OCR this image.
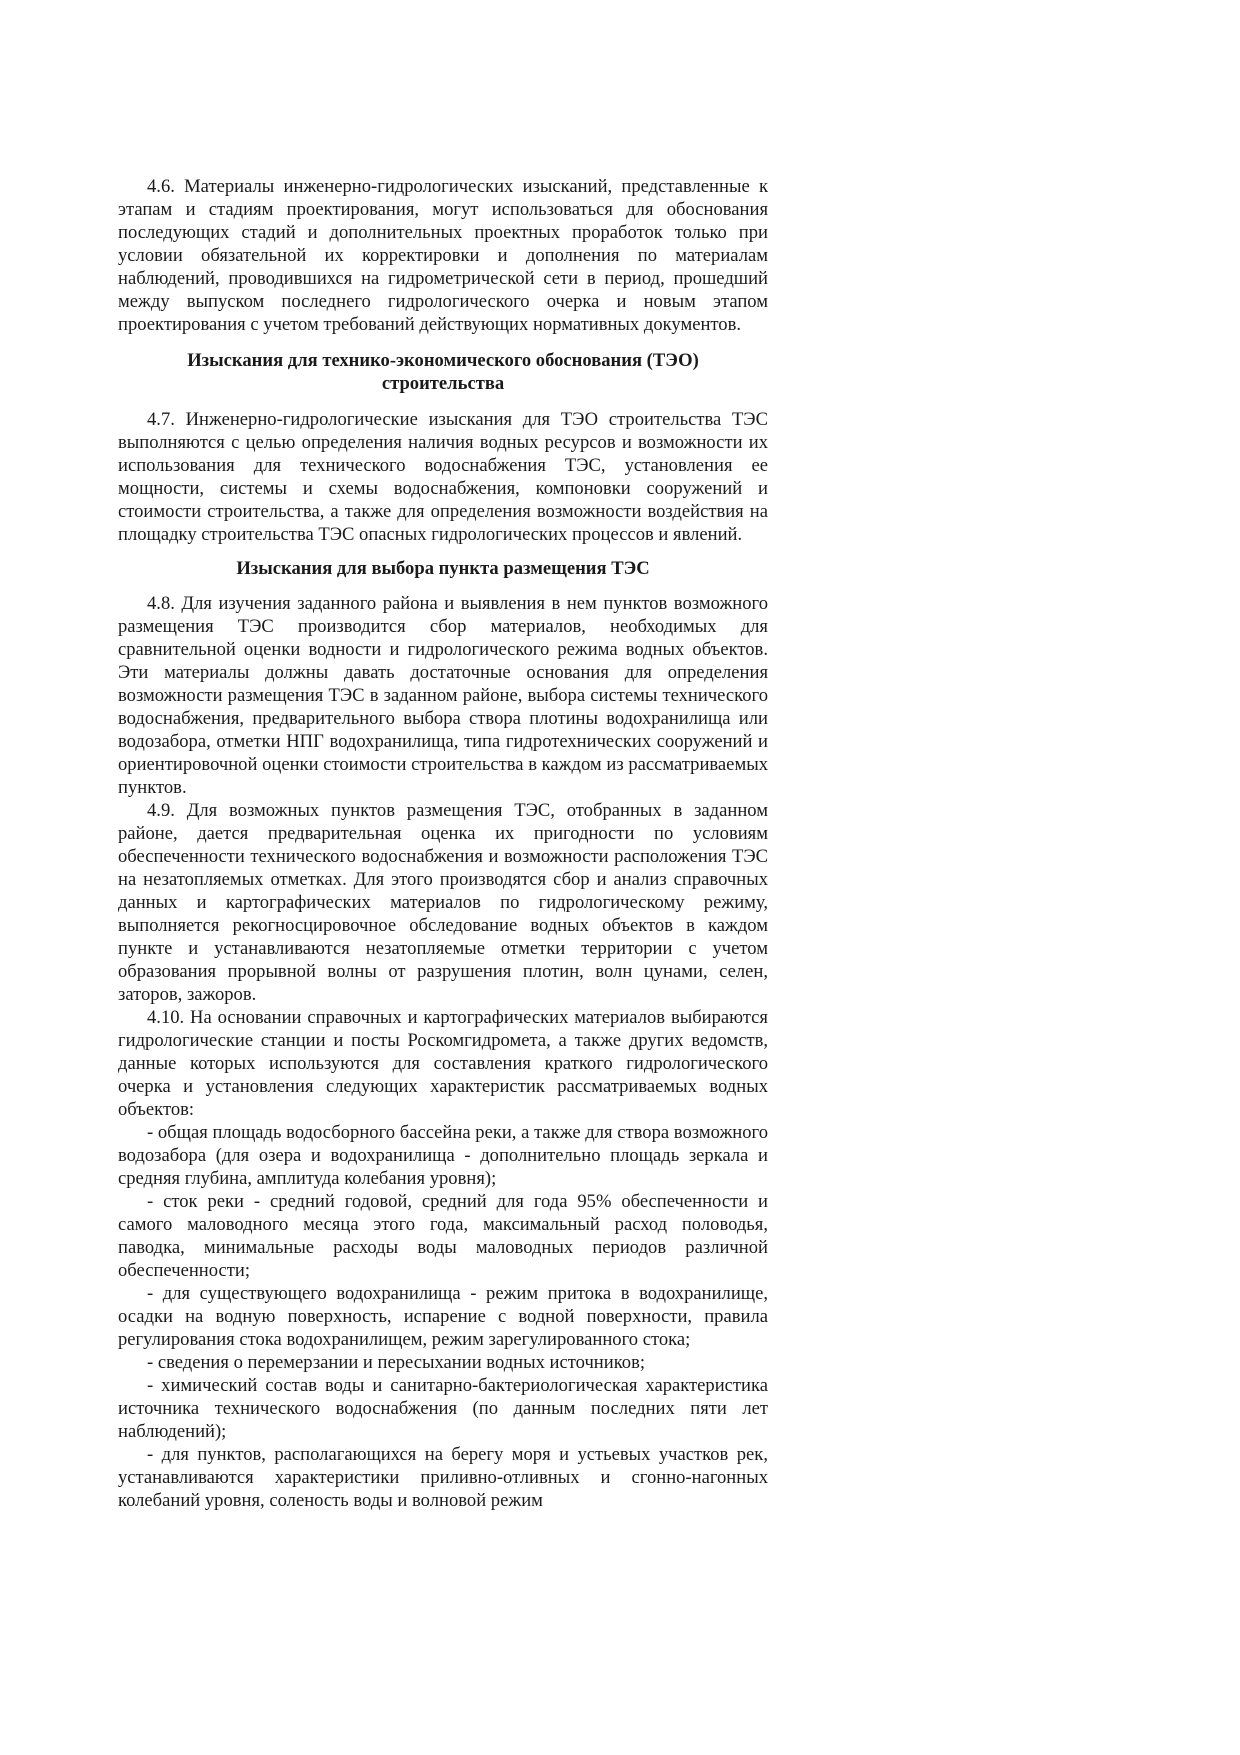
4.6. Материалы инженерно-гидрологических изысканий, представленные к этапам и стадиям проектирования, могут использоваться для обоснования последующих стадий и дополнительных проектных проработок только при условии обязательной их корректировки и дополнения по материалам наблюдений, проводившихся на гидрометрической сети в период, прошедший между выпуском последнего гидрологического очерка и новым этапом проектирования с учетом требований действующих нормативных документов.

Изыскания для технико-экономического обоснования (ТЭО) строительства

4.7. Инженерно-гидрологические изыскания для ТЭО строительства ТЭС выполняются с целью определения наличия водных ресурсов и возможности их использования для технического водоснабжения ТЭС, установления ее мощности, системы и схемы водоснабжения, компоновки сооружений и стоимости строительства, а также для определения возможности воздействия на площадку строительства ТЭС опасных гидрологических процессов и явлений.

Изыскания для выбора пункта размещения ТЭС

4.8. Для изучения заданного района и выявления в нем пунктов возможного размещения ТЭС производится сбор материалов, необходимых для сравнительной оценки водности и гидрологического режима водных объектов. Эти материалы должны давать достаточные основания для определения возможности размещения ТЭС в заданном районе, выбора системы технического водоснабжения, предварительного выбора створа плотины водохранилища или водозабора, отметки НПГ водохранилища, типа гидротехнических сооружений и ориентировочной оценки стоимости строительства в каждом из рассматриваемых пунктов.

4.9. Для возможных пунктов размещения ТЭС, отобранных в заданном районе, дается предварительная оценка их пригодности по условиям обеспеченности технического водоснабжения и возможности расположения ТЭС на незатопляемых отметках. Для этого производятся сбор и анализ справочных данных и картографических материалов по гидрологическому режиму, выполняется рекогносцировочное обследование водных объектов в каждом пункте и устанавливаются незатопляемые отметки территории с учетом образования прорывной волны от разрушения плотин, волн цунами, селен, заторов, зажоров.

4.10. На основании справочных и картографических материалов выбираются гидрологические станции и посты Роскомгидромета, а также других ведомств, данные которых используются для составления краткого гидрологического очерка и установления следующих характеристик рассматриваемых водных объектов:

- общая площадь водосборного бассейна реки, а также для створа возможного водозабора (для озера и водохранилища - дополнительно площадь зеркала и средняя глубина, амплитуда колебания уровня);

- сток реки - средний годовой, средний для года 95% обеспеченности и самого маловодного месяца этого года, максимальный расход половодья, паводка, минимальные расходы воды маловодных периодов различной обеспеченности;

- для существующего водохранилища - режим притока в водохранилище, осадки на водную поверхность, испарение с водной поверхности, правила регулирования стока водохранилищем, режим зарегулированного стока;

- сведения о перемерзании и пересыхании водных источников;

- химический состав воды и санитарно-бактериологическая характеристика источника технического водоснабжения (по данным последних пяти лет наблюдений);

- для пунктов, располагающихся на берегу моря и устьевых участков рек, устанавливаются характеристики приливно-отливных и сгонно-нагонных колебаний уровня, соленость воды и волновой режим
